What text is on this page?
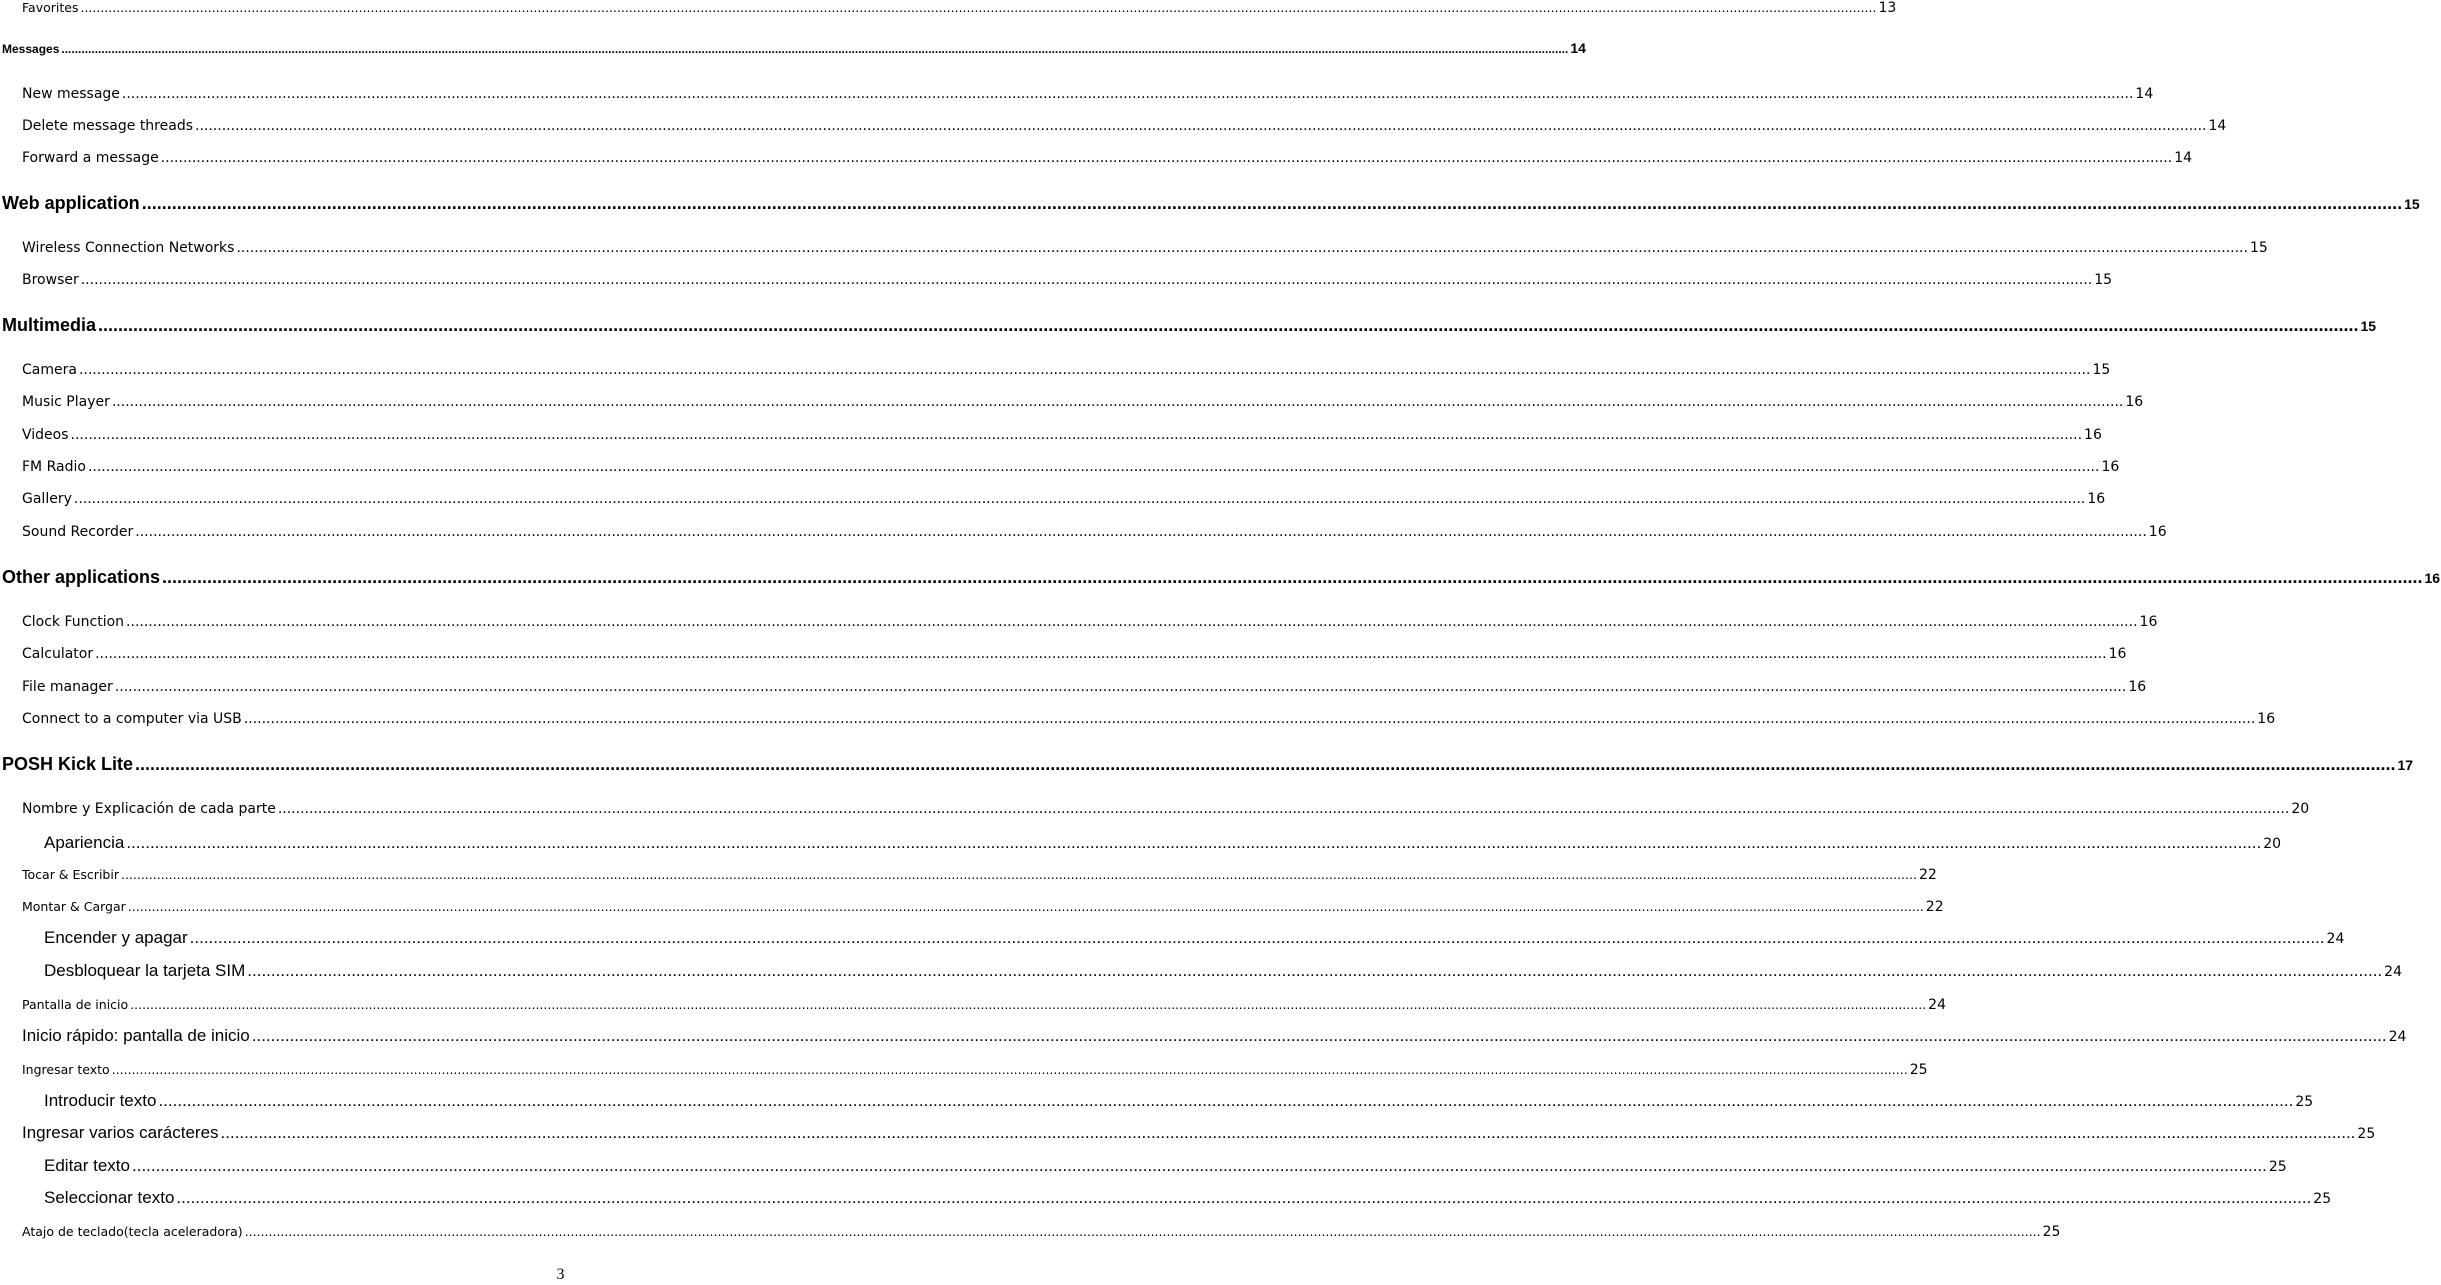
Favorites .....	13
Messages .....	14
New message .....	14
Delete message threads .....	14
Forward a message .....	14
Web application .....	15
Wireless Connection Networks .....	15
Browser .....	15
Multimedia .....	15
Camera .....	15
Music Player .....	16
Videos .....	16
FM Radio .....	16
Gallery .....	16
Sound Recorder .....	16
Other applications .....	16
Clock Function .....	16
Calculator .....	16
File manager .....	16
Connect to a computer via USB .....	16
POSH Kick Lite .....	17
Nombre y Explicación de cada parte .....	20
Apariencia .....	20
Tocar & Escribir .....	22
Montar & Cargar .....	22
Encender y apagar .....	24
Desbloquear la tarjeta SIM .....	24
Pantalla de inicio .....	24
Inicio rápido: pantalla de inicio .....	24
Ingresar texto .....	25
Introducir texto .....	25
Ingresar varios carácteres .....	25
Editar texto .....	25
Seleccionar texto .....	25
Atajo de teclado(tecla aceleradora) .....	25
3
